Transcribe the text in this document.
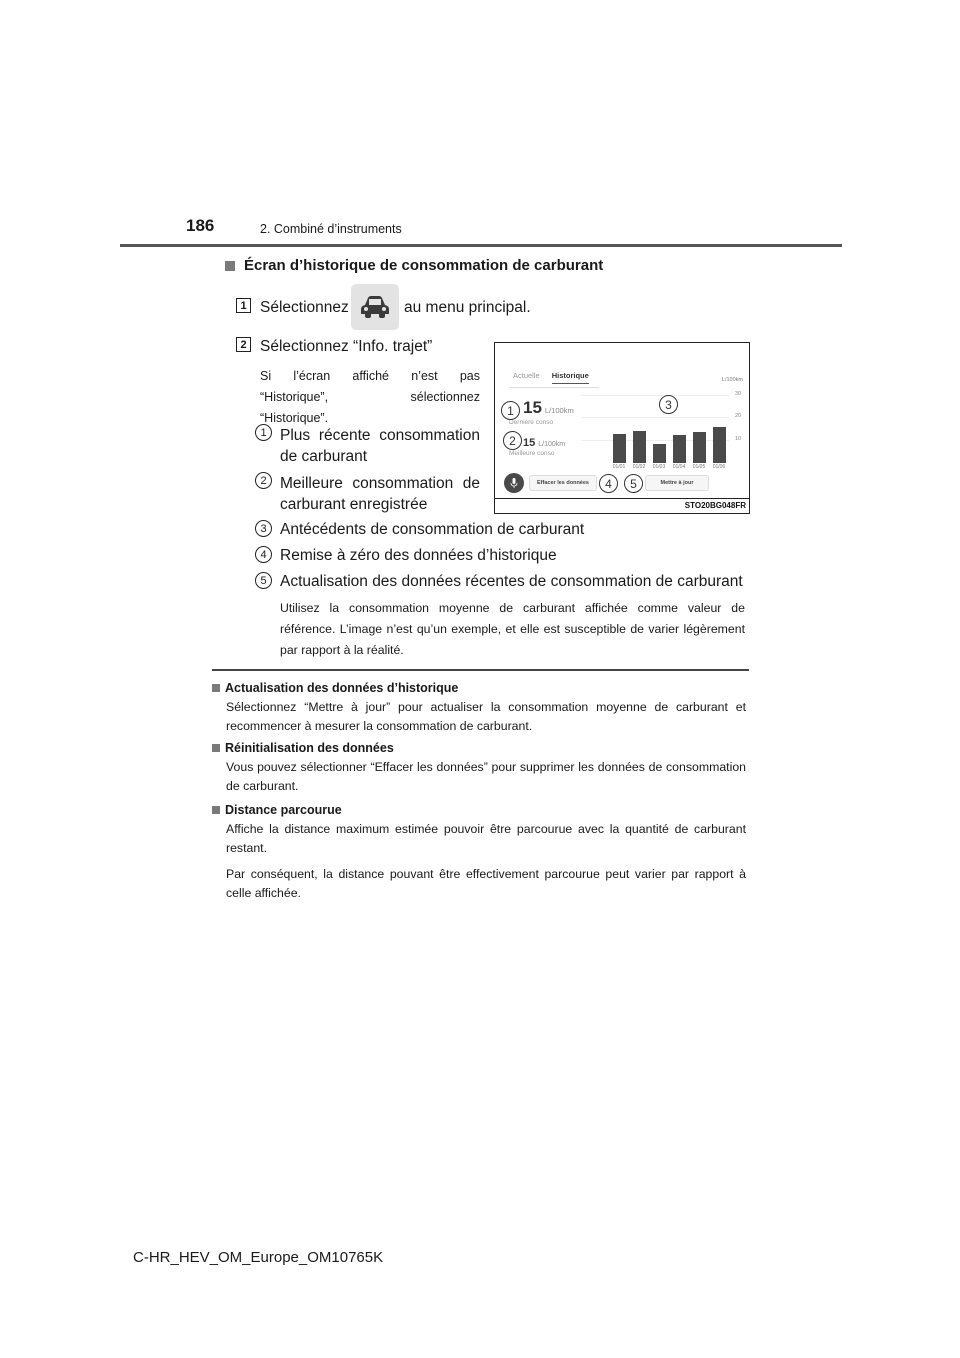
186	2. Combiné d’instruments
Écran d’historique de consommation de carburant
1 Sélectionnez	au menu principal.
2 Sélectionnez “Info. trajet”
Si l’écran affiché n’est pas
“Historique”, sélectionnez
“Historique”.
1 Plus récente consommation
de carburant
2 Meilleure consommation de
carburant enregistrée
3 Antécédents de consommation de carburant
4 Remise à zéro des données d’historique
5 Actualisation des données récentes de consommation de carburant
Actuelle Historique	L/100km
15 L/100km
Dernière conso
15 L/100km
Meilleure conso
30
20
10
01/01	01/02	01/03	01/04	01/05	01/06
Effacer les données	Mettre à jour
1
2
3
4	5
STO20BG048FR
Utilisez la consommation moyenne de carburant affichée comme valeur de référence. L’image n’est qu’un exemple, et elle est susceptible de varier légèrement par rapport à la réalité.
Actualisation des données d’historique
Sélectionnez “Mettre à jour” pour actualiser la consommation moyenne de carburant et recommencer à mesurer la consommation de carburant.
Réinitialisation des données
Vous pouvez sélectionner “Effacer les données” pour supprimer les données de consommation de carburant.
Distance parcourue
Affiche la distance maximum estimée pouvoir être parcourue avec la quantité de carburant restant.
Par conséquent, la distance pouvant être effectivement parcourue peut varier par rapport à celle affichée.
C-HR_HEV_OM_Europe_OM10765K
